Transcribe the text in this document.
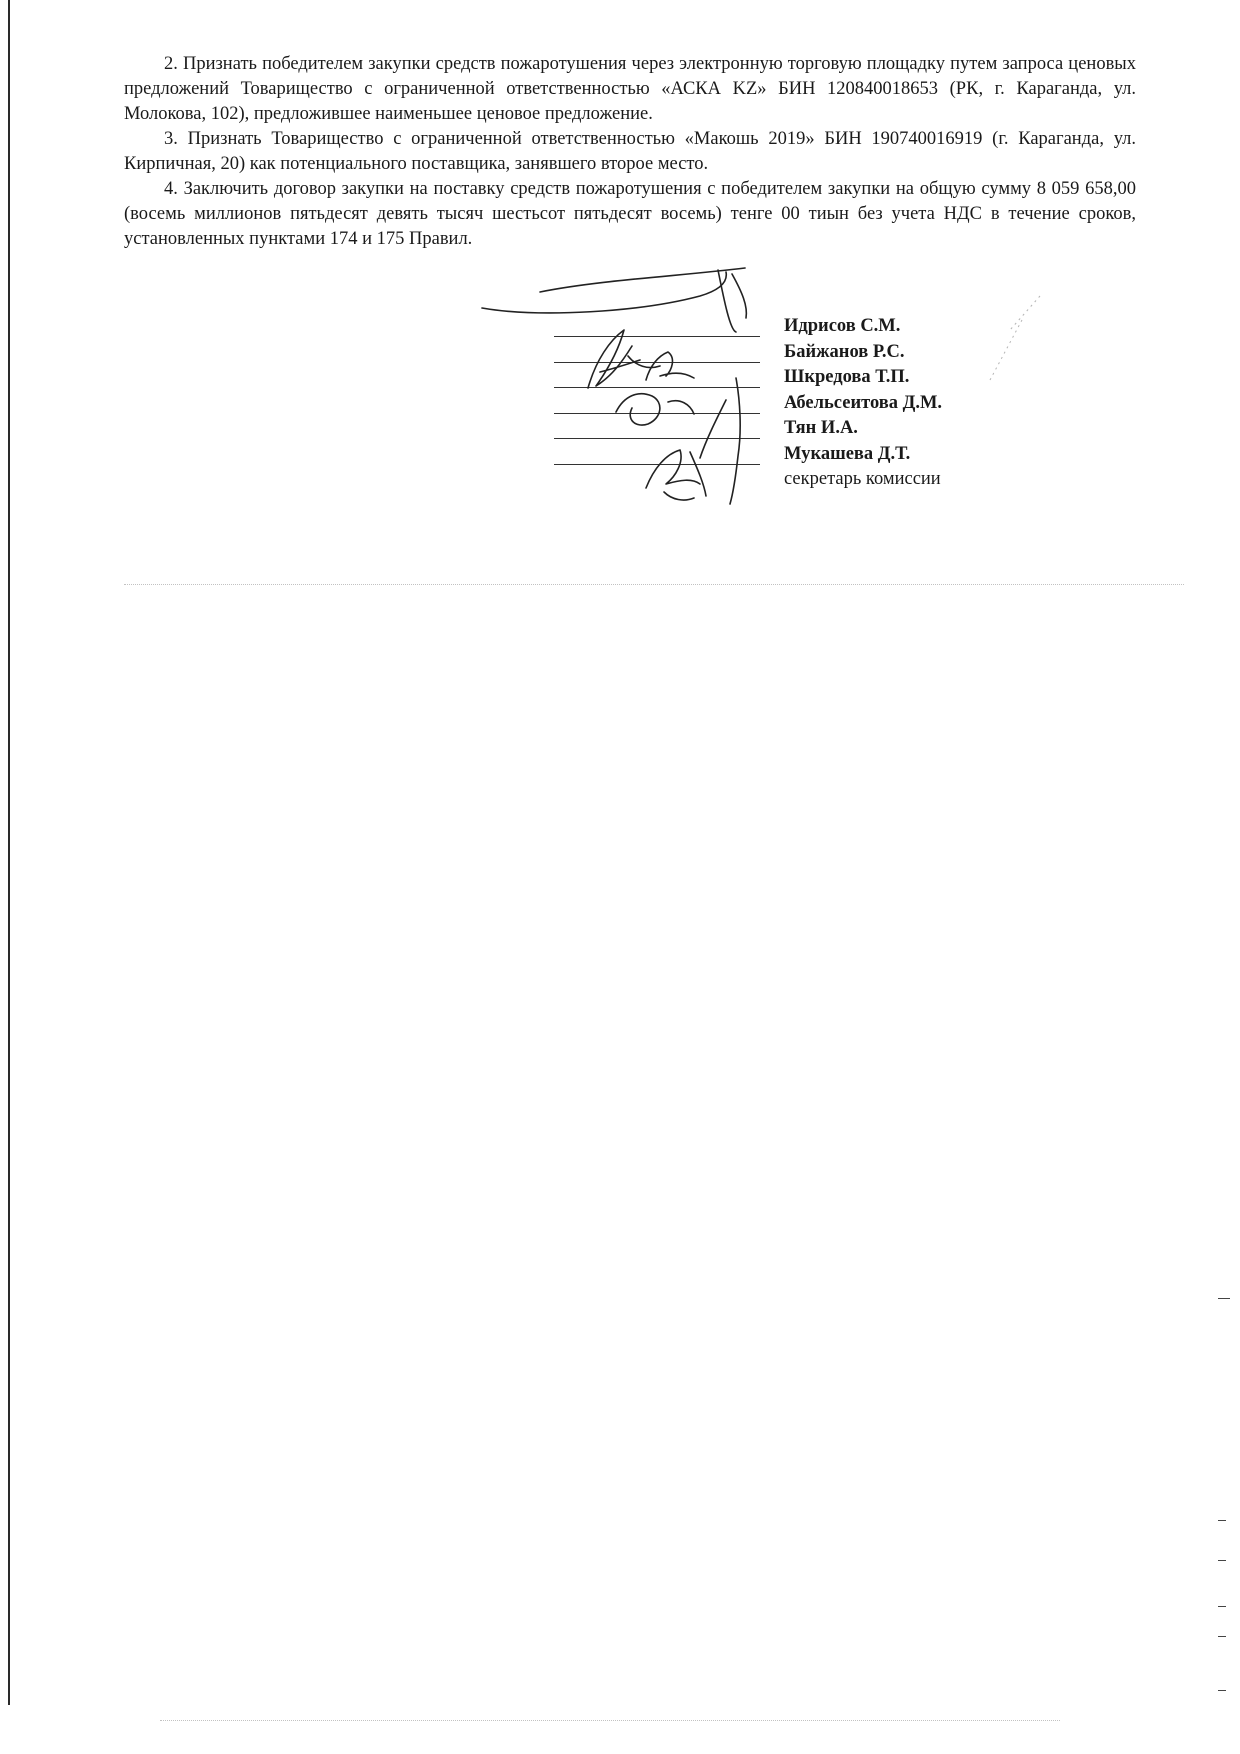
2. Признать победителем закупки средств пожаротушения через электронную торговую площадку путем запроса ценовых предложений Товарищество с ограниченной ответственностью «АСКА KZ» БИН 120840018653 (РК, г. Караганда, ул. Молокова, 102), предложившее наименьшее ценовое предложение.

3. Признать Товарищество с ограниченной ответственностью «Макошь 2019» БИН 190740016919 (г. Караганда, ул. Кирпичная, 20) как потенциального поставщика, занявшего второе место.

4. Заключить договор закупки на поставку средств пожаротушения с победителем закупки на общую сумму 8 059 658,00 (восемь миллионов пятьдесят девять тысяч шестьсот пятьдесят восемь) тенге 00 тиын без учета НДС в течение сроков, установленных пунктами 174 и 175 Правил.

Идрисов С.М.
Байжанов Р.С.
Шкредова Т.П.
Абельсеитова Д.М.
Тян И.А.
Мукашева Д.Т.
секретарь комиссии
